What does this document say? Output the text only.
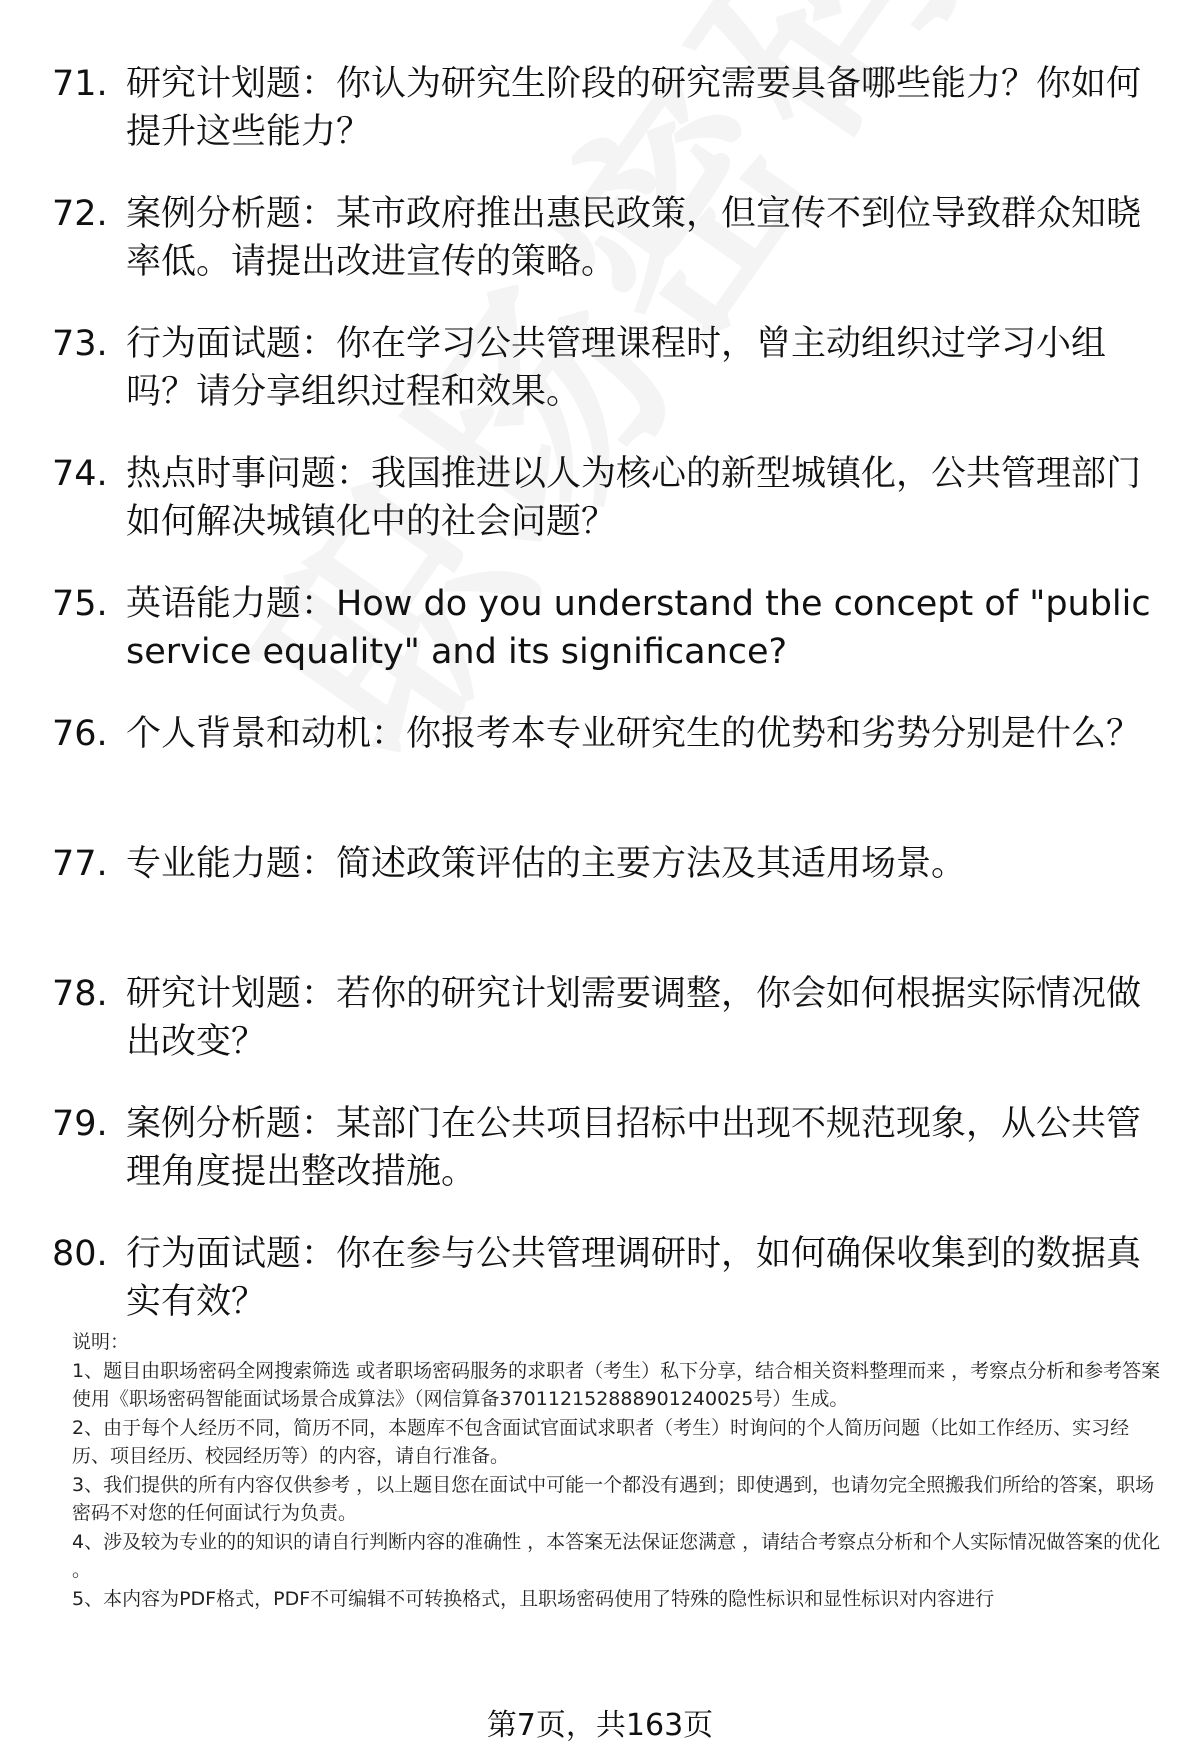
71. 研究计划题：你认为研究生阶段的研究需要具备哪些能力？你如何提升这些能力？
72. 案例分析题：某市政府推出惠民政策，但宣传不到位导致群众知晓率低。请提出改进宣传的策略。
73. 行为面试题：你在学习公共管理课程时，曾主动组织过学习小组吗？请分享组织过程和效果。
74. 热点时事问题：我国推进以人为核心的新型城镇化，公共管理部门如何解决城镇化中的社会问题？
75. 英语能力题：How do you understand the concept of "public service equality" and its significance?
76. 个人背景和动机：你报考本专业研究生的优势和劣势分别是什么？
77. 专业能力题：简述政策评估的主要方法及其适用场景。
78. 研究计划题：若你的研究计划需要调整，你会如何根据实际情况做出改变？
79. 案例分析题：某部门在公共项目招标中出现不规范现象，从公共管理角度提出整改措施。
80. 行为面试题：你在参与公共管理调研时，如何确保收集到的数据真实有效？

说明：

1、题目由职场密码全网搜索筛选 或者职场密码服务的求职者（考生）私下分享，结合相关资料整理而来 ，考察点分析和参考答案使用《职场密码智能面试场景合成算法》（网信算备370112152888901240025号）生成。

2、由于每个人经历不同，简历不同，本题库不包含面试官面试求职者（考生）时询问的个人简历问题（比如工作经历、实习经历、项目经历、校园经历等）的内容，请自行准备。

3、我们提供的所有内容仅供参考 ，以上题目您在面试中可能一个都没有遇到；即使遇到，也请勿完全照搬我们所给的答案，职场密码不对您的任何面试行为负责。

4、涉及较为专业的的知识的请自行判断内容的准确性 ，本答案无法保证您满意 ，请结合考察点分析和个人实际情况做答案的优化 。

5、本内容为PDF格式，PDF不可编辑不可转换格式，且职场密码使用了特殊的隐性标识和显性标识对内容进行

第7页，共163页
